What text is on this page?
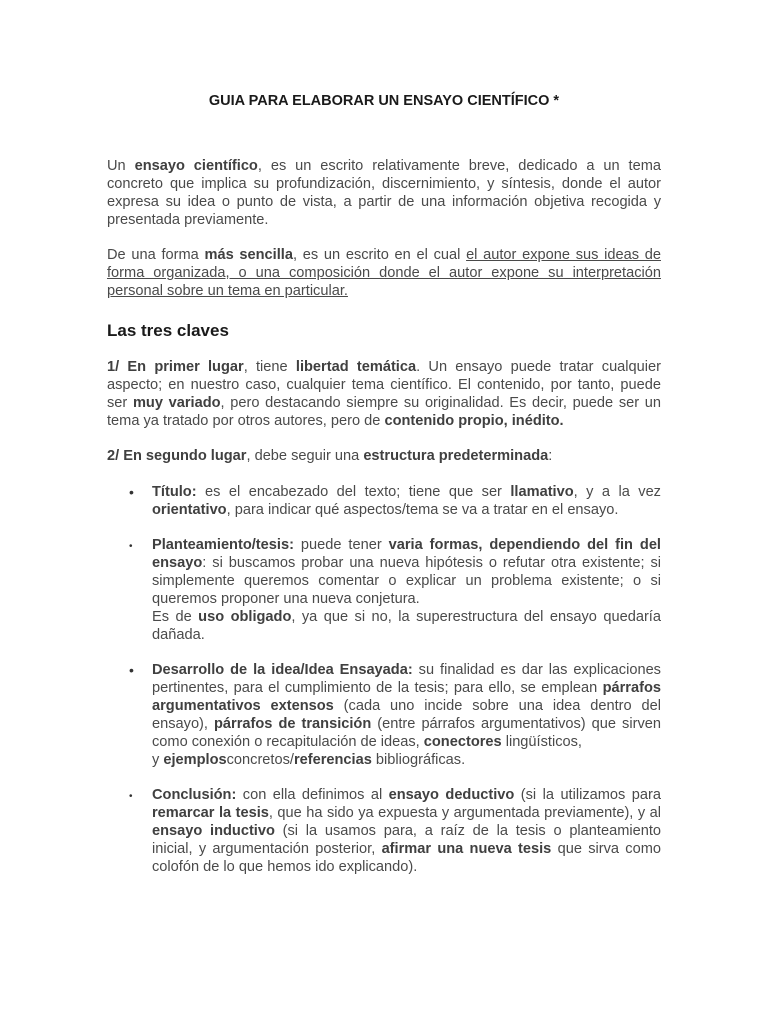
GUIA PARA ELABORAR UN ENSAYO CIENTÍFICO *

Un ensayo científico, es un escrito relativamente breve, dedicado a un tema concreto que implica su profundización, discernimiento, y síntesis, donde el autor expresa su idea o punto de vista, a partir de una información objetiva recogida y presentada previamente.

De una forma más sencilla, es un escrito en el cual el autor expone sus ideas de forma organizada, o una composición donde el autor expone su interpretación personal sobre un tema en particular.

Las tres claves

1/ En primer lugar, tiene libertad temática. Un ensayo puede tratar cualquier aspecto; en nuestro caso, cualquier tema científico. El contenido, por tanto, puede ser muy variado, pero destacando siempre su originalidad. Es decir, puede ser un tema ya tratado por otros autores, pero de contenido propio, inédito.

2/ En segundo lugar, debe seguir una estructura predeterminada:

• Título: es el encabezado del texto; tiene que ser llamativo, y a la vez orientativo, para indicar qué aspectos/tema se va a tratar en el ensayo.
• Planteamiento/tesis: puede tener varia formas, dependiendo del fin del ensayo: si buscamos probar una nueva hipótesis o refutar otra existente; si simplemente queremos comentar o explicar un problema existente; o si queremos proponer una nueva conjetura.
Es de uso obligado, ya que si no, la superestructura del ensayo quedaría dañada.
• Desarrollo de la idea/Idea Ensayada: su finalidad es dar las explicaciones pertinentes, para el cumplimiento de la tesis; para ello, se emplean párrafos argumentativos extensos (cada uno incide sobre una idea dentro del ensayo), párrafos de transición (entre párrafos argumentativos) que sirven como conexión o recapitulación de ideas, conectores lingüísticos,
y ejemplosconcretos/referencias bibliográficas.
• Conclusión: con ella definimos al ensayo deductivo (si la utilizamos para remarcar la tesis, que ha sido ya expuesta y argumentada previamente), y al ensayo inductivo (si la usamos para, a raíz de la tesis o planteamiento inicial, y argumentación posterior, afirmar una nueva tesis que sirva como colofón de lo que hemos ido explicando).
